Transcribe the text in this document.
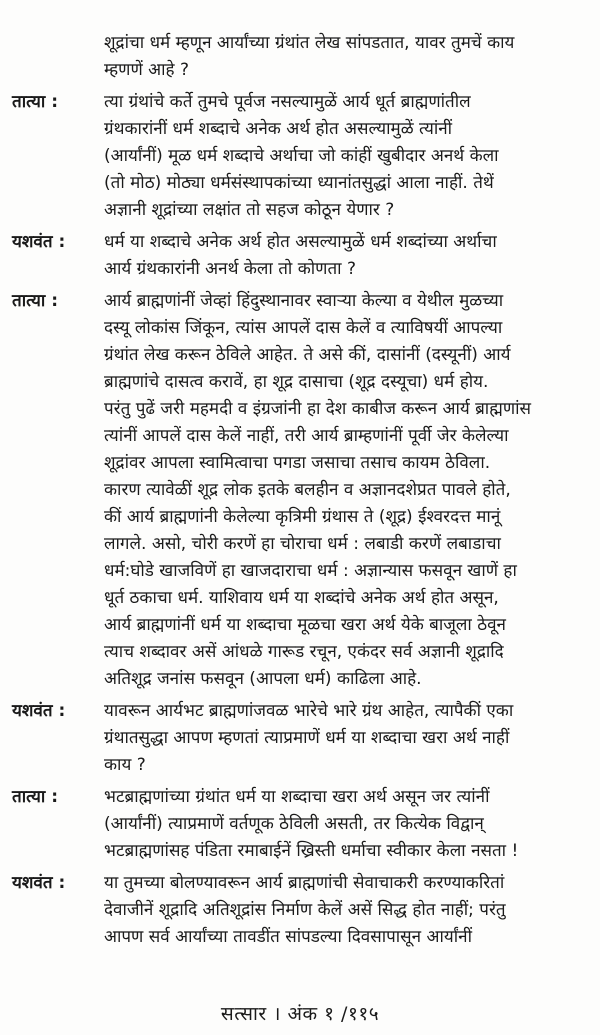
शूद्रांचा धर्म म्हणून आर्यांच्या ग्रंथांत लेख सांपडतात, यावर तुमचें काय
म्हणणें आहे ?
तात्या :	त्या ग्रंथांचे कर्ते तुमचे पूर्वज नसल्यामुळें आर्य धूर्त ब्राह्मणांतील
ग्रंथकारांनीं धर्म शब्दाचे अनेक अर्थ होत असल्यामुळें त्यांनीं
(आर्यांनीं) मूळ धर्म शब्दाचे अर्थाचा जो कांहीं खुबीदार अनर्थ केला
(तो मोठ) मोठ्या धर्मसंस्थापकांच्या ध्यानांतसुद्धां आला नाहीं. तेथें
अज्ञानी शूद्रांच्या लक्षांत तो सहज कोठून येणार ?
यशवंत :	धर्म या शब्दाचे अनेक अर्थ होत असल्यामुळें धर्म शब्दांच्या अर्थाचा
आर्य ग्रंथकारांनी अनर्थ केला तो कोणता ?
तात्या :	आर्य ब्राह्मणांनीं जेव्हां हिंदुस्थानावर स्वाऱ्या केल्या व येथील मुळच्या
दस्यू लोकांस जिंकून, त्यांस आपलें दास केलें व त्याविषयीं आपल्या
ग्रंथांत लेख करून ठेविले आहेत. ते असे कीं, दासांनीं (दस्यूनीं) आर्य
ब्राह्मणांचे दासत्व करावें, हा शूद्र दासाचा (शूद्र दस्यूचा) धर्म होय.
परंतु पुढें जरी महमदी व इंग्रजांनी हा देश काबीज करून आर्य ब्राह्मणांस
त्यांनीं आपलें दास केलें नाहीं, तरी आर्य ब्राम्हणांनीं पूर्वी जेर केलेल्या
शूद्रांवर आपला स्वामित्वाचा पगडा जसाचा तसाच कायम ठेविला.
कारण त्यावेळीं शूद्र लोक इतके बलहीन व अज्ञानदशेप्रत पावले होते,
कीं आर्य ब्राह्मणांनी केलेल्या कृत्रिमी ग्रंथास ते (शूद्र) ईश्वरदत्त मानूं
लागले. असो, चोरी करणें हा चोराचा धर्म : लबाडी करणें लबाडाचा
धर्म:घोडे खाजविणें हा खाजदाराचा धर्म : अज्ञान्यास फसवून खाणें हा
धूर्त ठकाचा धर्म. याशिवाय धर्म या शब्दांचे अनेक अर्थ होत असून,
आर्य ब्राह्मणांनीं धर्म या शब्दाचा मूळचा खरा अर्थ येके बाजूला ठेवून
त्याच शब्दावर असें आंधळे गारूड रचून, एकंदर सर्व अज्ञानी शूद्रादि
अतिशूद्र जनांस फसवून (आपला धर्म) काढिला आहे.
यशवंत :	यावरून आर्यभट ब्राह्मणांजवळ भारेचे भारे ग्रंथ आहेत, त्यापैकीं एका
ग्रंथातसुद्धा आपण म्हणतां त्याप्रमाणें धर्म या शब्दाचा खरा अर्थ नाहीं
काय ?
तात्या :	भटब्राह्मणांच्या ग्रंथांत धर्म या शब्दाचा खरा अर्थ असून जर त्यांनीं
(आर्यांनीं) त्याप्रमाणें वर्तणूक ठेविली असती, तर कित्येक विद्वान्
भटब्राह्मणांसह पंडिता रमाबाईनें ख्रिस्ती धर्माचा स्वीकार केला नसता !
यशवंत :	या तुमच्या बोलण्यावरून आर्य ब्राह्मणांची सेवाचाकरी करण्याकरितां
देवाजीनें शूद्रादि अतिशूद्रांस निर्माण केलें असें सिद्ध होत नाहीं; परंतु
आपण सर्व आर्यांच्या तावडींत सांपडल्या दिवसापासून आर्यांनीं
सत्सार । अंक १ /११५
